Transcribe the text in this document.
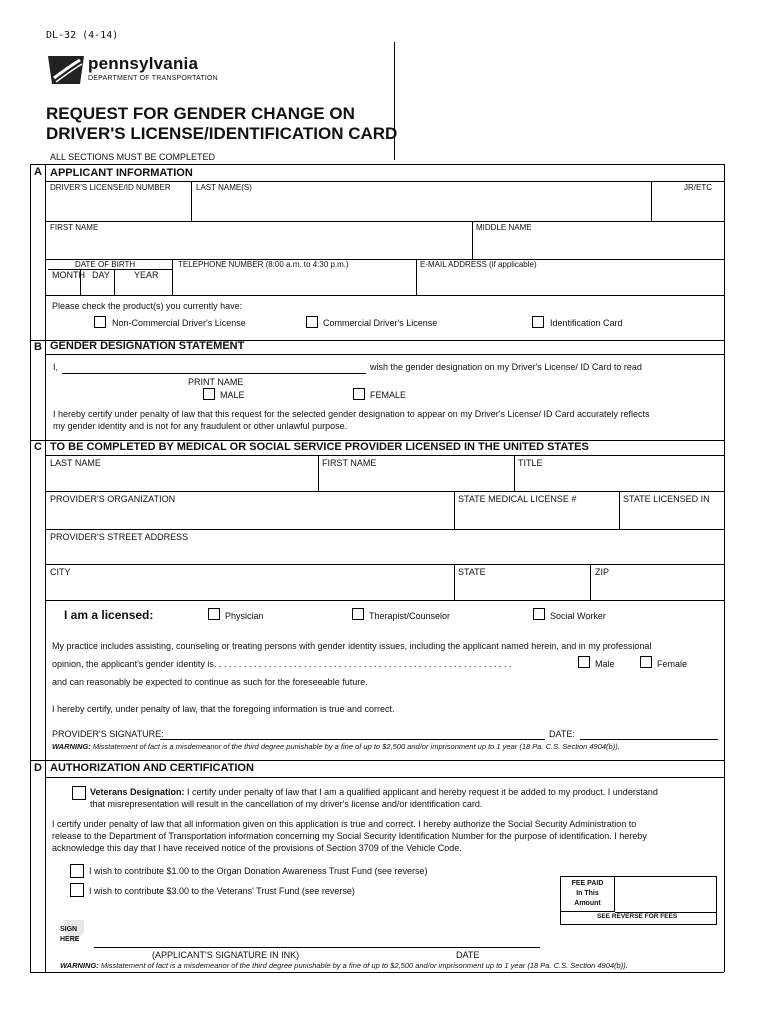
DL-32 (4-14)
pennsylvania
DEPARTMENT OF TRANSPORTATION
REQUEST FOR GENDER CHANGE ON
DRIVER'S LICENSE/IDENTIFICATION CARD
ALL SECTIONS MUST BE COMPLETED
A APPLICANT INFORMATION
DRIVER'S LICENSE/ID NUMBER	LAST NAME(S)	JR/ETC
FIRST NAME	MIDDLE NAME
DATE OF BIRTH
MONTH DAY	YEAR
TELEPHONE NUMBER (8:00 a.m. to 4:30 p.m.)	E-MAIL ADDRESS (if applicable)
Please check the product(s) you currently have:
Non-Commercial Driver's License	Commercial Driver's License	Identification Card
B GENDER DESIGNATION STATEMENT
I,	wish the gender designation on my Driver's License/ ID Card to read
PRINT NAME
MALE	FEMALE
I hereby certify under penalty of law that this request for the selected gender designation to appear on my Driver's License/ ID Card accurately reflects
my gender identity and is not for any fraudulent or other unlawful purpose.
C TO BE COMPLETED BY MEDICAL OR SOCIAL SERVICE PROVIDER LICENSED IN THE UNITED STATES
LAST NAME	FIRST NAME	TITLE
PROVIDER'S ORGANIZATION	STATE MEDICAL LICENSE #	STATE LICENSED IN
PROVIDER'S STREET ADDRESS
CITY	STATE	ZIP
I am a licensed:	Physician	Therapist/Counselor	Social Worker
My practice includes assisting, counseling or treating persons with gender identity issues, including the applicant named herein, and in my professional
opinion, the applicant's gender identity is. . . . . . . . . . . . . . . . . . . . . . . . . . . . . . . . . . . . . . . . . . . . . . . . . . . . . . . . . . . .	Male	Female
and can reasonably be expected to continue as such for the foreseeable future.
I hereby certify, under penalty of law, that the foregoing information is true and correct.
PROVIDER'S SIGNATURE:	DATE:
WARNING: Misstatement of fact is a misdemeanor of the third degree punishable by a fine of up to $2,500 and/or imprisonment up to 1 year (18 Pa. C.S. Section 4904(b)).
D AUTHORIZATION AND CERTIFICATION
Veterans Designation: I certify under penalty of law that I am a qualified applicant and hereby request it be added to my product. I understand
that misrepresentation will result in the cancellation of my driver's license and/or identification card.
I certify under penalty of law that all information given on this application is true and correct. I hereby authorize the Social Security Administration to
release to the Department of Transportation information concerning my Social Security Identification Number for the purpose of identification. I hereby
acknowledge this day that I have received notice of the provisions of Section 3709 of the Vehicle Code.
I wish to contribute $1.00 to the Organ Donation Awareness Trust Fund (see reverse)
I wish to contribute $3.00 to the Veterans' Trust Fund (see reverse)
FEE PAID
In This
Amount
SEE REVERSE FOR FEES
SIGN
HERE
(APPLICANT'S SIGNATURE IN INK)	DATE
WARNING: Misstatement of fact is a misdemeanor of the third degree punishable by a fine of up to $2,500 and/or imprisonment up to 1 year (18 Pa. C.S. Section 4904(b)).
